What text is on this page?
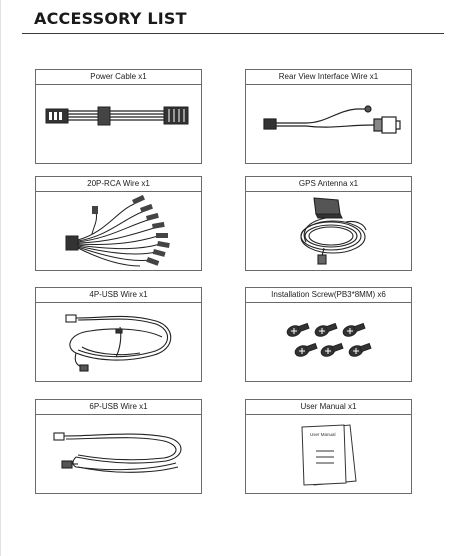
ACCESSORY LIST
Power Cable x1	Rear View Interface Wire x1
20P-RCA Wire x1	GPS Antenna x1
4P-USB Wire x1	Installation Screw(PB3*8MM) x6
6P-USB Wire x1	User Manual x1
User Manual
